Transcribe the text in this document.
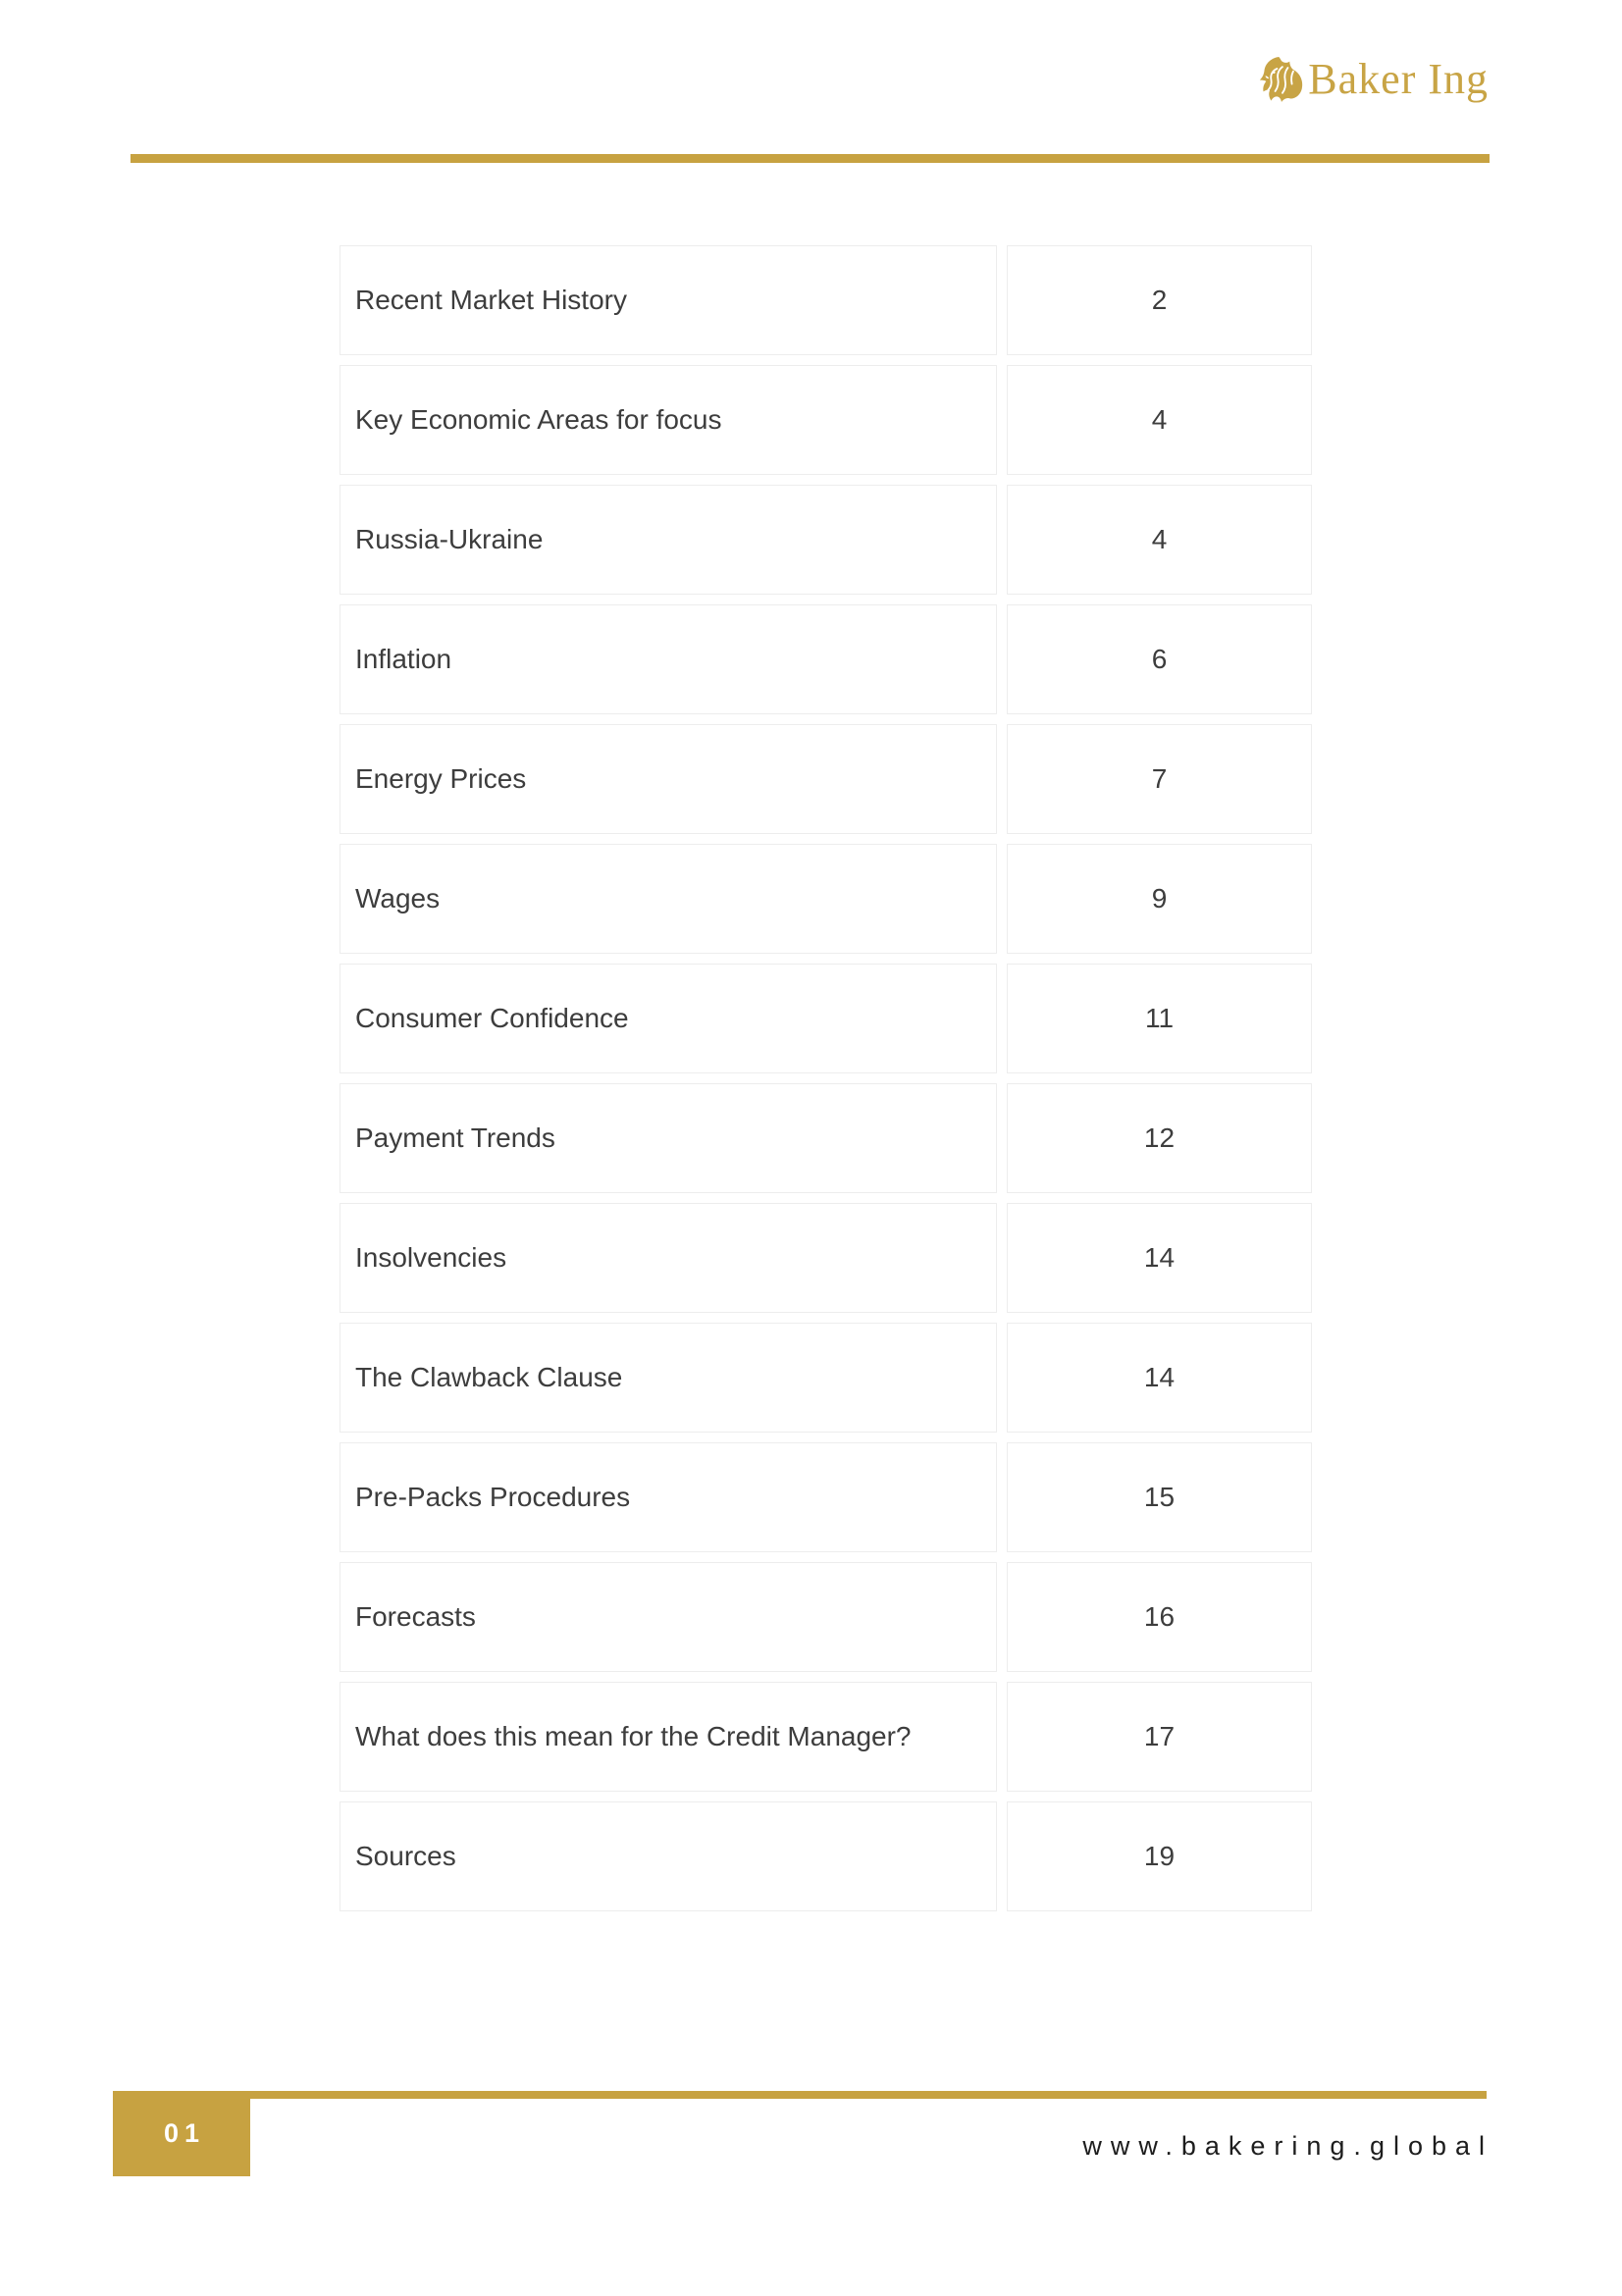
Baker Ing
Recent Market History	2
Key Economic Areas for focus	4
Russia-Ukraine	4
Inflation	6
Energy Prices	7
Wages	9
Consumer Confidence	11
Payment Trends	12
Insolvencies	14
The Clawback Clause	14
Pre-Packs Procedures	15
Forecasts	16
What does this mean for the Credit Manager?	17
Sources	19
01	www.bakering.global
